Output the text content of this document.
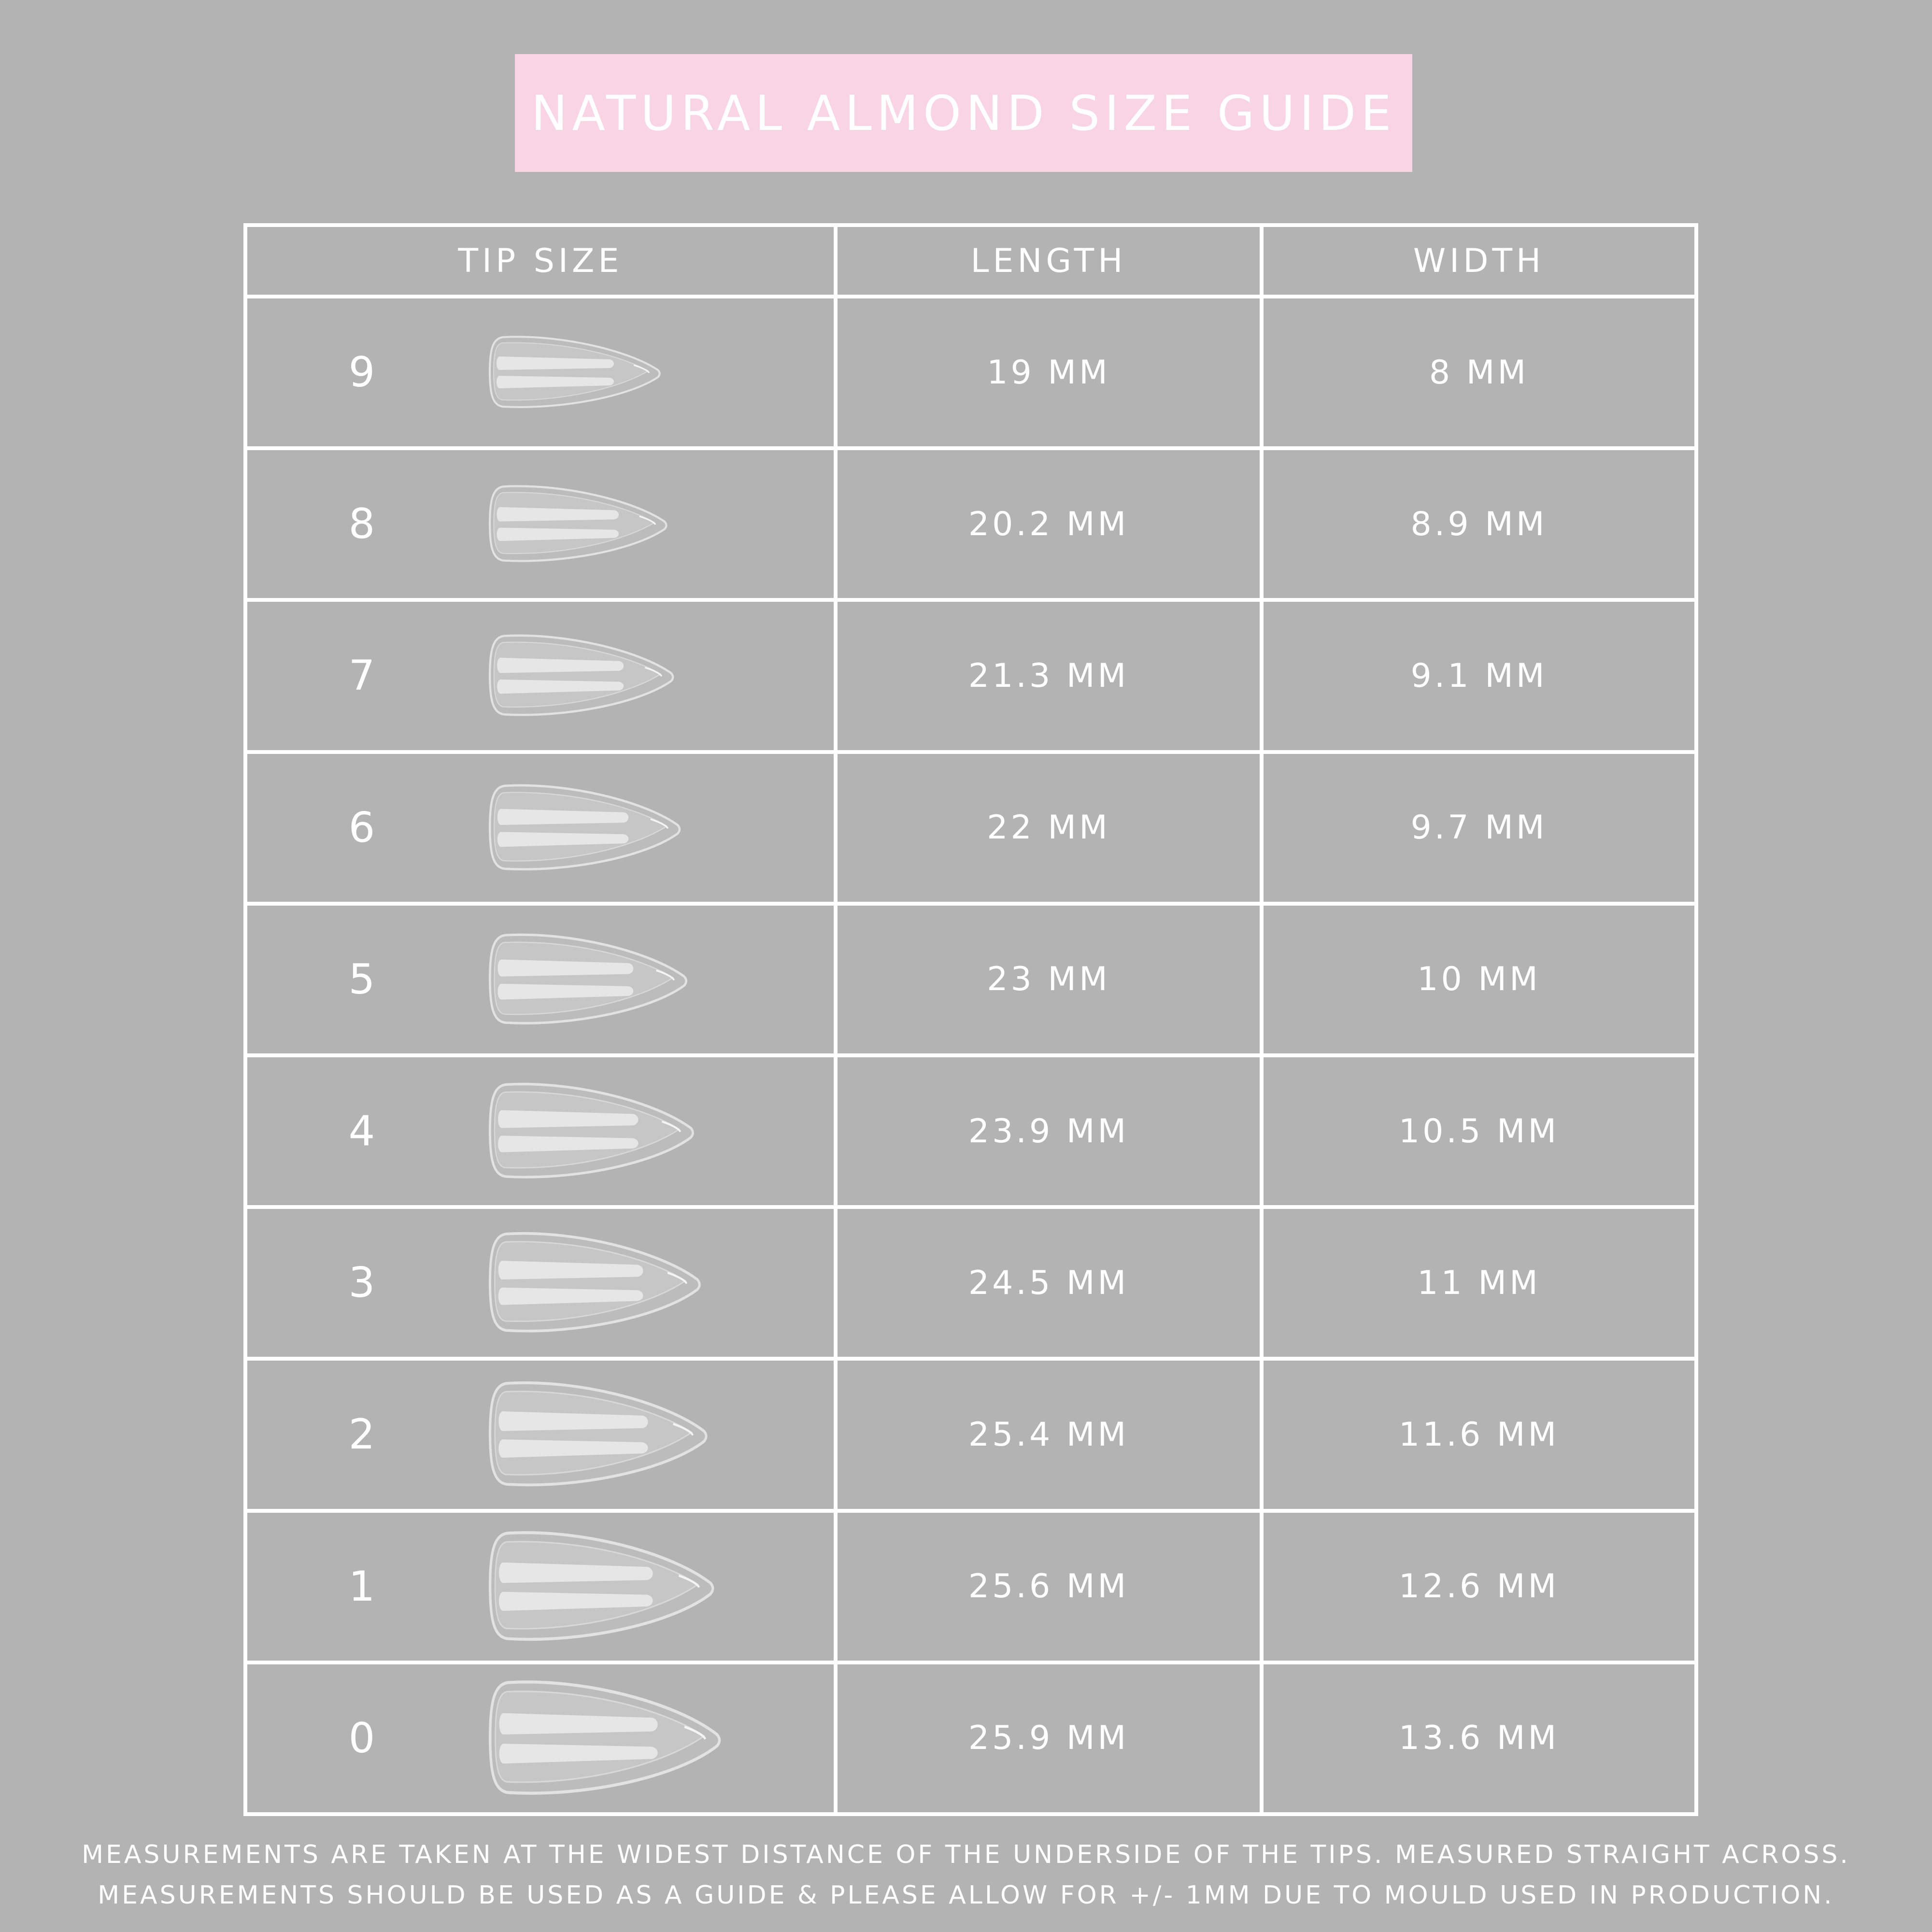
NATURAL ALMOND SIZE GUIDE
TIP SIZE	LENGTH	WIDTH

9	19 MM	8 MM

8	20.2 MM	8.9 MM

7	21.3 MM	9.1 MM

6	22 MM	9.7 MM

5	23 MM	10 MM

4	23.9 MM	10.5 MM

3	24.5 MM	11 MM

2	25.4 MM	11.6 MM

1	25.6 MM	12.6 MM

0	25.9 MM	13.6 MM
MEASUREMENTS ARE TAKEN AT THE WIDEST DISTANCE OF THE UNDERSIDE OF THE TIPS. MEASURED STRAIGHT ACROSS.
MEASUREMENTS SHOULD BE USED AS A GUIDE & PLEASE ALLOW FOR +/- 1MM DUE TO MOULD USED IN PRODUCTION.
